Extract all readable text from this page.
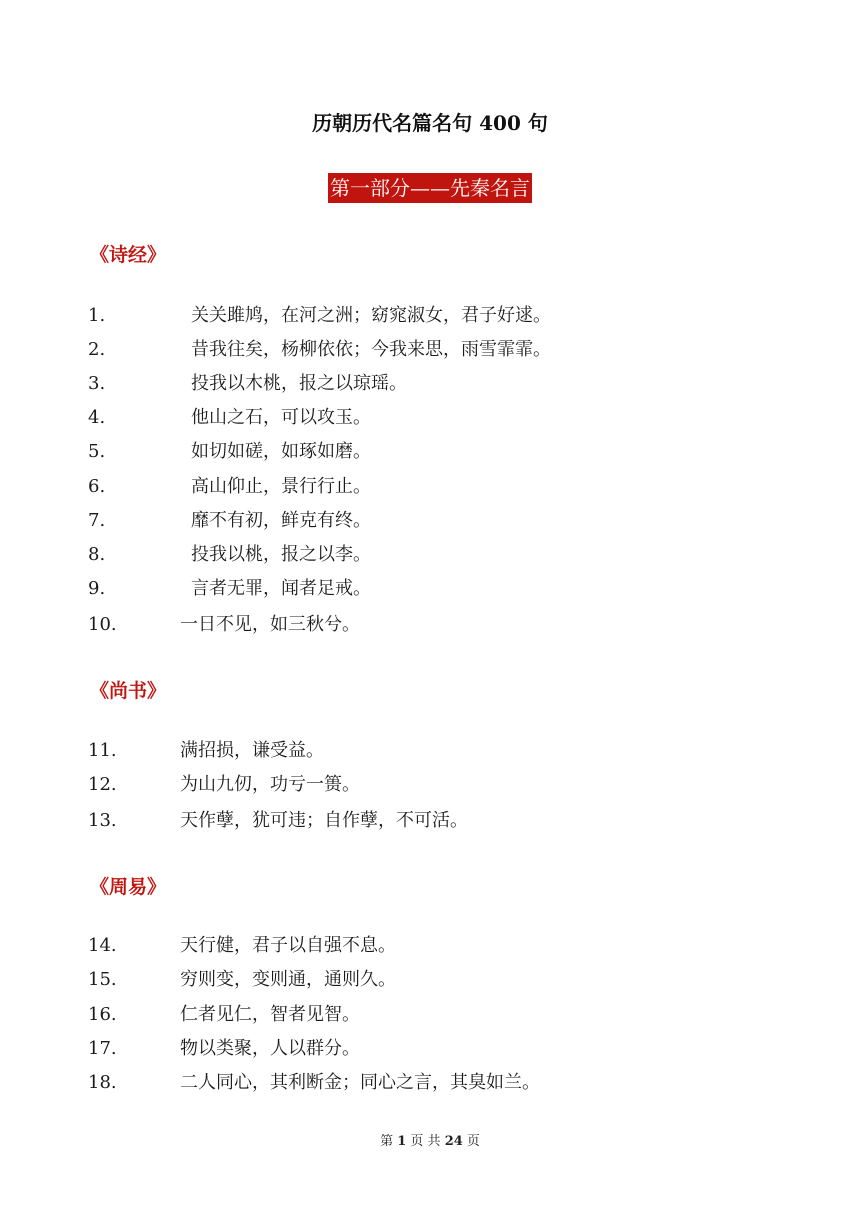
历朝历代名篇名句 400 句
第一部分——先秦名言
《诗经》
1.	关关雎鸠，在河之洲；窈窕淑女，君子好逑。
2.	昔我往矣，杨柳依依；今我来思，雨雪霏霏。
3.	投我以木桃，报之以琼瑶。
4.	他山之石，可以攻玉。
5.	如切如磋，如琢如磨。
6.	高山仰止，景行行止。
7.	靡不有初，鲜克有终。
8.	投我以桃，报之以李。
9.	言者无罪，闻者足戒。
10.	一日不见，如三秋兮。
《尚书》
11.	满招损，谦受益。
12.	为山九仞，功亏一篑。
13.	天作孽，犹可违；自作孽，不可活。
《周易》
14.	天行健，君子以自强不息。
15.	穷则变，变则通，通则久。
16.	仁者见仁，智者见智。
17.	物以类聚，人以群分。
18.	二人同心，其利断金；同心之言，其臭如兰。
第 1 页 共 24 页
